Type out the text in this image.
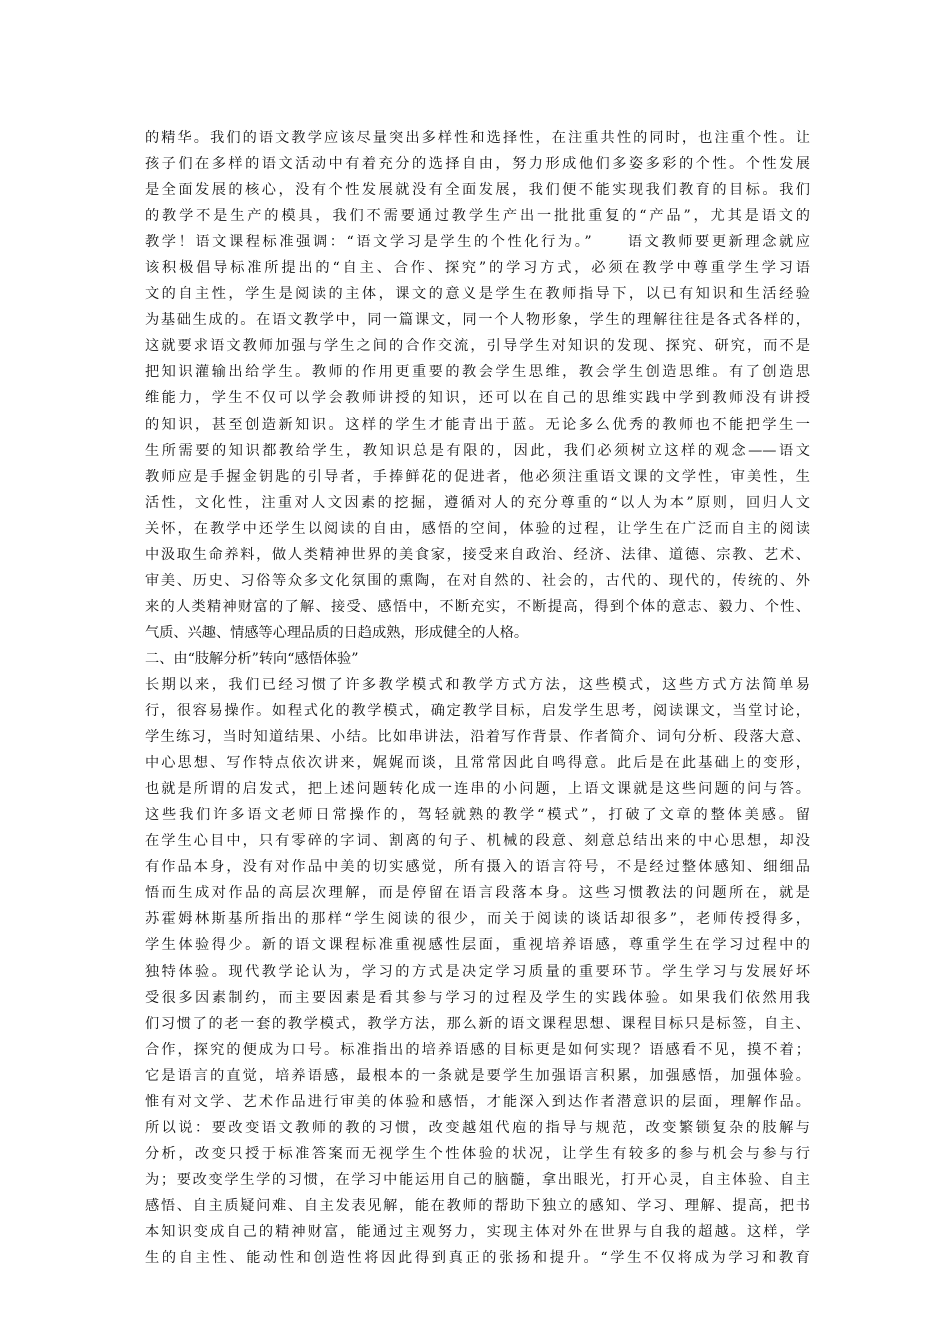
的精华。我们的语文教学应该尽量突出多样性和选择性，在注重共性的同时，也注重个性。让
孩子们在多样的语文活动中有着充分的选择自由，努力形成他们多姿多彩的个性。个性发展
是全面发展的核心，没有个性发展就没有全面发展，我们便不能实现我们教育的目标。我们
的教学不是生产的模具，我们不需要通过教学生产出一批批重复的“产品”，尤其是语文的
教学！语文课程标准强调：“语文学习是学生的个性化行为。”　　语文教师要更新理念就应
该积极倡导标准所提出的“自主、合作、探究”的学习方式，必须在教学中尊重学生学习语
文的自主性，学生是阅读的主体，课文的意义是学生在教师指导下，以已有知识和生活经验
为基础生成的。在语文教学中，同一篇课文，同一个人物形象，学生的理解往往是各式各样的，
这就要求语文教师加强与学生之间的合作交流，引导学生对知识的发现、探究、研究，而不是
把知识灌输出给学生。教师的作用更重要的教会学生思维，教会学生创造思维。有了创造思
维能力，学生不仅可以学会教师讲授的知识，还可以在自己的思维实践中学到教师没有讲授
的知识，甚至创造新知识。这样的学生才能青出于蓝。无论多么优秀的教师也不能把学生一
生所需要的知识都教给学生，教知识总是有限的，因此，我们必须树立这样的观念——语文
教师应是手握金钥匙的引导者，手捧鲜花的促进者，他必须注重语文课的文学性，审美性，生
活性，文化性，注重对人文因素的挖掘，遵循对人的充分尊重的“以人为本”原则，回归人文
关怀，在教学中还学生以阅读的自由，感悟的空间，体验的过程，让学生在广泛而自主的阅读
中汲取生命养料，做人类精神世界的美食家，接受来自政治、经济、法律、道德、宗教、艺术、
审美、历史、习俗等众多文化氛围的熏陶，在对自然的、社会的，古代的、现代的，传统的、外
来的人类精神财富的了解、接受、感悟中，不断充实，不断提高，得到个体的意志、毅力、个性、
气质、兴趣、情感等心理品质的日趋成熟，形成健全的人格。
二、由“肢解分析”转向“感悟体验”
长期以来，我们已经习惯了许多教学模式和教学方式方法，这些模式，这些方式方法简单易
行，很容易操作。如程式化的教学模式，确定教学目标，启发学生思考，阅读课文，当堂讨论，
学生练习，当时知道结果、小结。比如串讲法，沿着写作背景、作者简介、词句分析、段落大意、
中心思想、写作特点依次讲来，娓娓而谈，且常常因此自鸣得意。此后是在此基础上的变形，
也就是所谓的启发式，把上述问题转化成一连串的小问题，上语文课就是这些问题的问与答。
这些我们许多语文老师日常操作的，驾轻就熟的教学“模式”，打破了文章的整体美感。留
在学生心目中，只有零碎的字词、割离的句子、机械的段意、刻意总结出来的中心思想，却没
有作品本身，没有对作品中美的切实感觉，所有摄入的语言符号，不是经过整体感知、细细品
悟而生成对作品的高层次理解，而是停留在语言段落本身。这些习惯教法的问题所在，就是
苏霍姆林斯基所指出的那样“学生阅读的很少，而关于阅读的谈话却很多”，老师传授得多，
学生体验得少。新的语文课程标准重视感性层面，重视培养语感，尊重学生在学习过程中的
独特体验。现代教学论认为，学习的方式是决定学习质量的重要环节。学生学习与发展好坏
受很多因素制约，而主要因素是看其参与学习的过程及学生的实践体验。如果我们依然用我
们习惯了的老一套的教学模式，教学方法，那么新的语文课程思想、课程目标只是标签，自主、
合作，探究的便成为口号。标准指出的培养语感的目标更是如何实现？语感看不见，摸不着；
它是语言的直觉，培养语感，最根本的一条就是要学生加强语言积累，加强感悟，加强体验。
惟有对文学、艺术作品进行审美的体验和感悟，才能深入到达作者潜意识的层面，理解作品。
所以说：要改变语文教师的教的习惯，改变越俎代庖的指导与规范，改变繁锁复杂的肢解与
分析，改变只授于标准答案而无视学生个性体验的状况，让学生有较多的参与机会与参与行
为；要改变学生学的习惯，在学习中能运用自己的脑髓，拿出眼光，打开心灵，自主体验、自主
感悟、自主质疑问难、自主发表见解，能在教师的帮助下独立的感知、学习、理解、提高，把书
本知识变成自己的精神财富，能通过主观努力，实现主体对外在世界与自我的超越。这样，学
生的自主性、能动性和创造性将因此得到真正的张扬和提升。“学生不仅将成为学习和教育
